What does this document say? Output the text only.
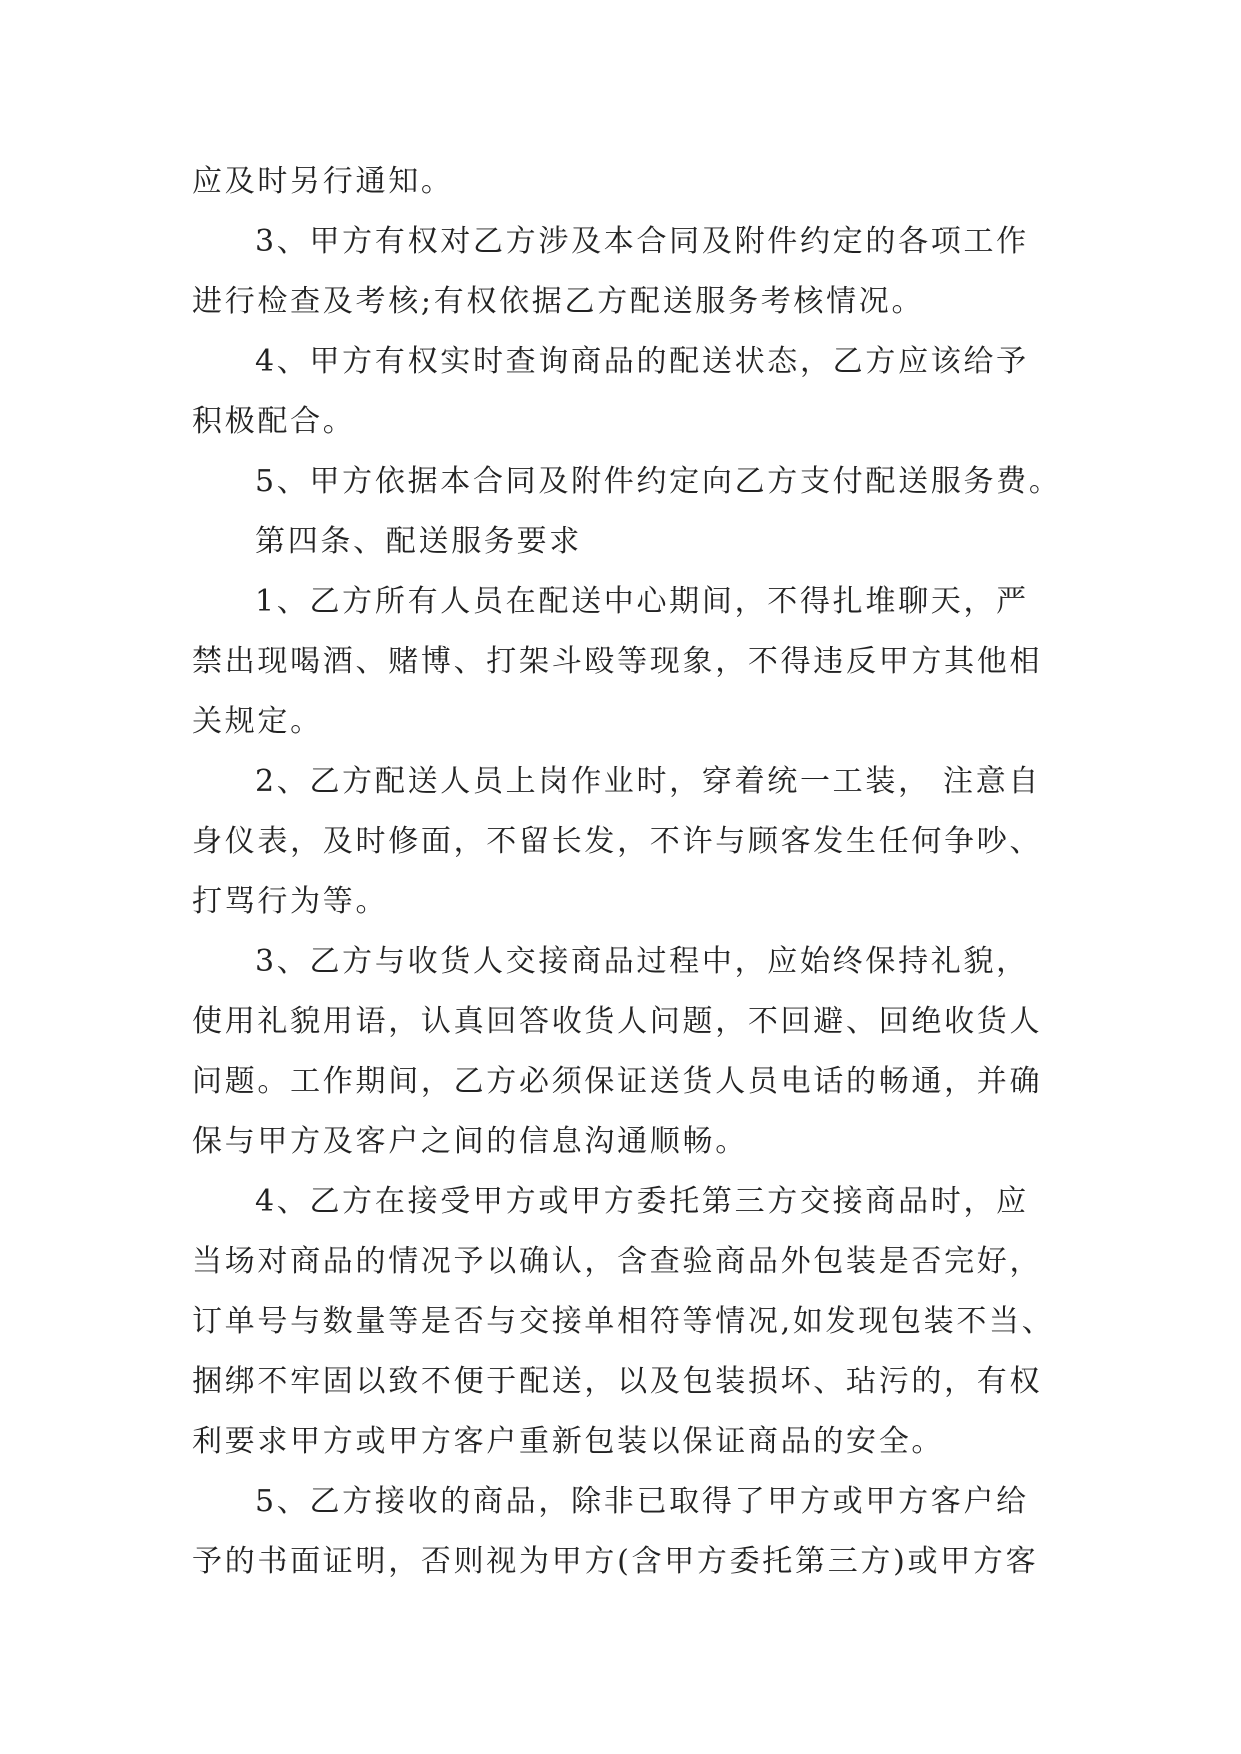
应及时另行通知。
3、甲方有权对乙方涉及本合同及附件约定的各项工作
进行检查及考核;有权依据乙方配送服务考核情况。
4、甲方有权实时查询商品的配送状态，乙方应该给予
积极配合。
5、甲方依据本合同及附件约定向乙方支付配送服务费。
第四条、配送服务要求
1、乙方所有人员在配送中心期间，不得扎堆聊天，严
禁出现喝酒、赌博、打架斗殴等现象，不得违反甲方其他相
关规定。
2、乙方配送人员上岗作业时，穿着统一工装， 注意自
身仪表，及时修面，不留长发，不许与顾客发生任何争吵、
打骂行为等。
3、乙方与收货人交接商品过程中，应始终保持礼貌，
使用礼貌用语，认真回答收货人问题，不回避、回绝收货人
问题。工作期间，乙方必须保证送货人员电话的畅通，并确
保与甲方及客户之间的信息沟通顺畅。
4、乙方在接受甲方或甲方委托第三方交接商品时，应
当场对商品的情况予以确认，含查验商品外包装是否完好，
订单号与数量等是否与交接单相符等情况,如发现包装不当、
捆绑不牢固以致不便于配送，以及包装损坏、玷污的，有权
利要求甲方或甲方客户重新包装以保证商品的安全。
5、乙方接收的商品，除非已取得了甲方或甲方客户给
予的书面证明，否则视为甲方(含甲方委托第三方)或甲方客
